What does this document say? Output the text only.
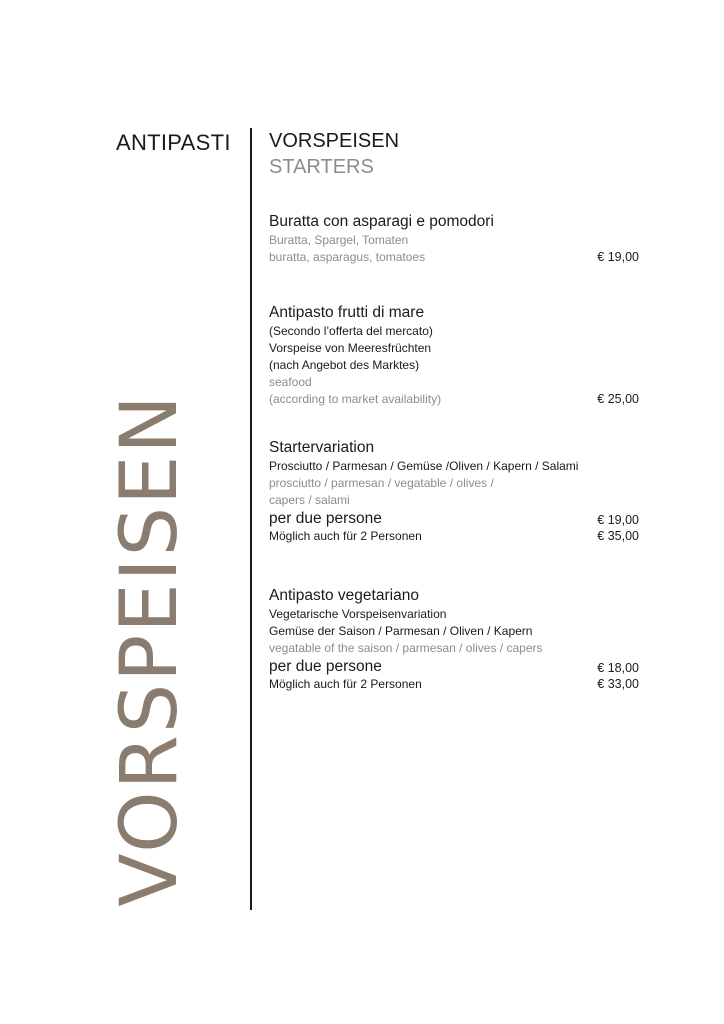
ANTIPASTI
VORSPEISEN
VORSPEISEN
STARTERS
Buratta con asparagi e pomodori
Buratta, Spargel, Tomaten
buratta, asparagus, tomatoes	€ 19,00
Antipasto frutti di mare
(Secondo l’offerta del mercato)
Vorspeise von Meeresfrüchten
(nach Angebot des Marktes)
seafood
(according to market availability)	€ 25,00
Startervariation
Prosciutto / Parmesan / Gemüse /Oliven / Kapern / Salami
prosciutto / parmesan / vegatable / olives /
capers / salami
per due persone	€ 19,00
Möglich auch für 2 Personen	€ 35,00
Antipasto vegetariano
Vegetarische Vorspeisenvariation
Gemüse der Saison / Parmesan / Oliven / Kapern
vegatable of the saison / parmesan / olives / capers
per due persone	€ 18,00
Möglich auch für 2 Personen	€ 33,00
